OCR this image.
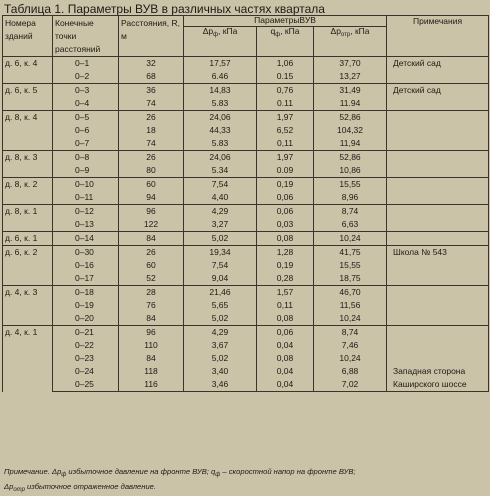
Таблица 1. Параметры ВУВ в различных частях квартала
Номера зданий	Конечные точки расстояний	Расстояния, R, м	ПараметрыВУВ			Примечания
			$\Delta p_ф$, кПа	$q_ф$, кПа	$\Delta p_{отр}$, кПа	
д. 6, к. 4	0–1	32	17,57	1,06	37,70	Детский сад
	0–2	68	6.46	0.15	13,27	
д. 6, к. 5	0–3	36	14,83	0,76	31,49	Детский сад
	0–4	74	5.83	0.11	11.94	
д. 8, к. 4	0–5	26	24,06	1,97	52,86	
	0–6	18	44,33	6,52	104,32	
	0–7	74	5.83	0,11	11,94	
д. 8, к. 3	0–8	26	24,06	1,97	52,86	
	0–9	80	5.34	0.09	10,86	
д. 8, к. 2	0–10	60	7,54	0,19	15,55	
	0–11	94	4,40	0,06	8,96	
д. 8, к. 1	0–12	96	4,29	0,06	8,74	
	0–13	122	3,27	0,03	6,63	
д. 6, к. 1	0–14	84	5,02	0,08	10,24	
д. 6, к. 2	0–30	26	19,34	1,28	41,75	Школа № 543
	0–16	60	7,54	0,19	15,55	
	0–17	52	9,04	0,28	18,75	
д. 4, к. 3	0–18	28	21,46	1,57	46,70	
	0–19	76	5,65	0,11	11,56	
	0–20	84	5,02	0,08	10,24	
д. 4, к. 1	0–21	96	4,29	0,06	8,74	
	0–22	110	3,67	0,04	7,46	
	0–23	84	5,02	0,08	10,24	
	0–24	118	3,40	0,04	6,88	Западная сторона
	0–25	116	3,46	0,04	7,02	Каширского шоссе
Примечание. $\Delta p_ф$ избыточное давление на фронте ВУВ; $q_ф$ – скоростной напор на фронте ВУВ;
$\Delta p_{отр}$ избыточное отраженное давление.
